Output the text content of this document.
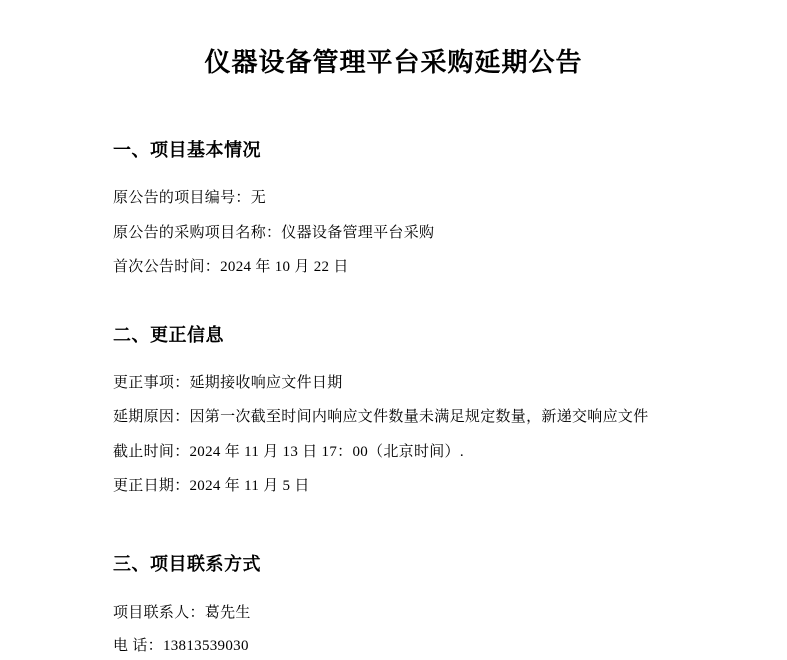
仪器设备管理平台采购延期公告
一、项目基本情况

原公告的项目编号：无

原公告的采购项目名称：仪器设备管理平台采购

首次公告时间：2024 年 10 月 22 日

二、更正信息

更正事项：延期接收响应文件日期

延期原因：因第一次截至时间内响应文件数量未满足规定数量，新递交响应文件

截止时间：2024 年 11 月 13 日 17：00（北京时间）.

更正日期：2024 年 11 月 5 日

三、项目联系方式

项目联系人：葛先生

电 话：13813539030
